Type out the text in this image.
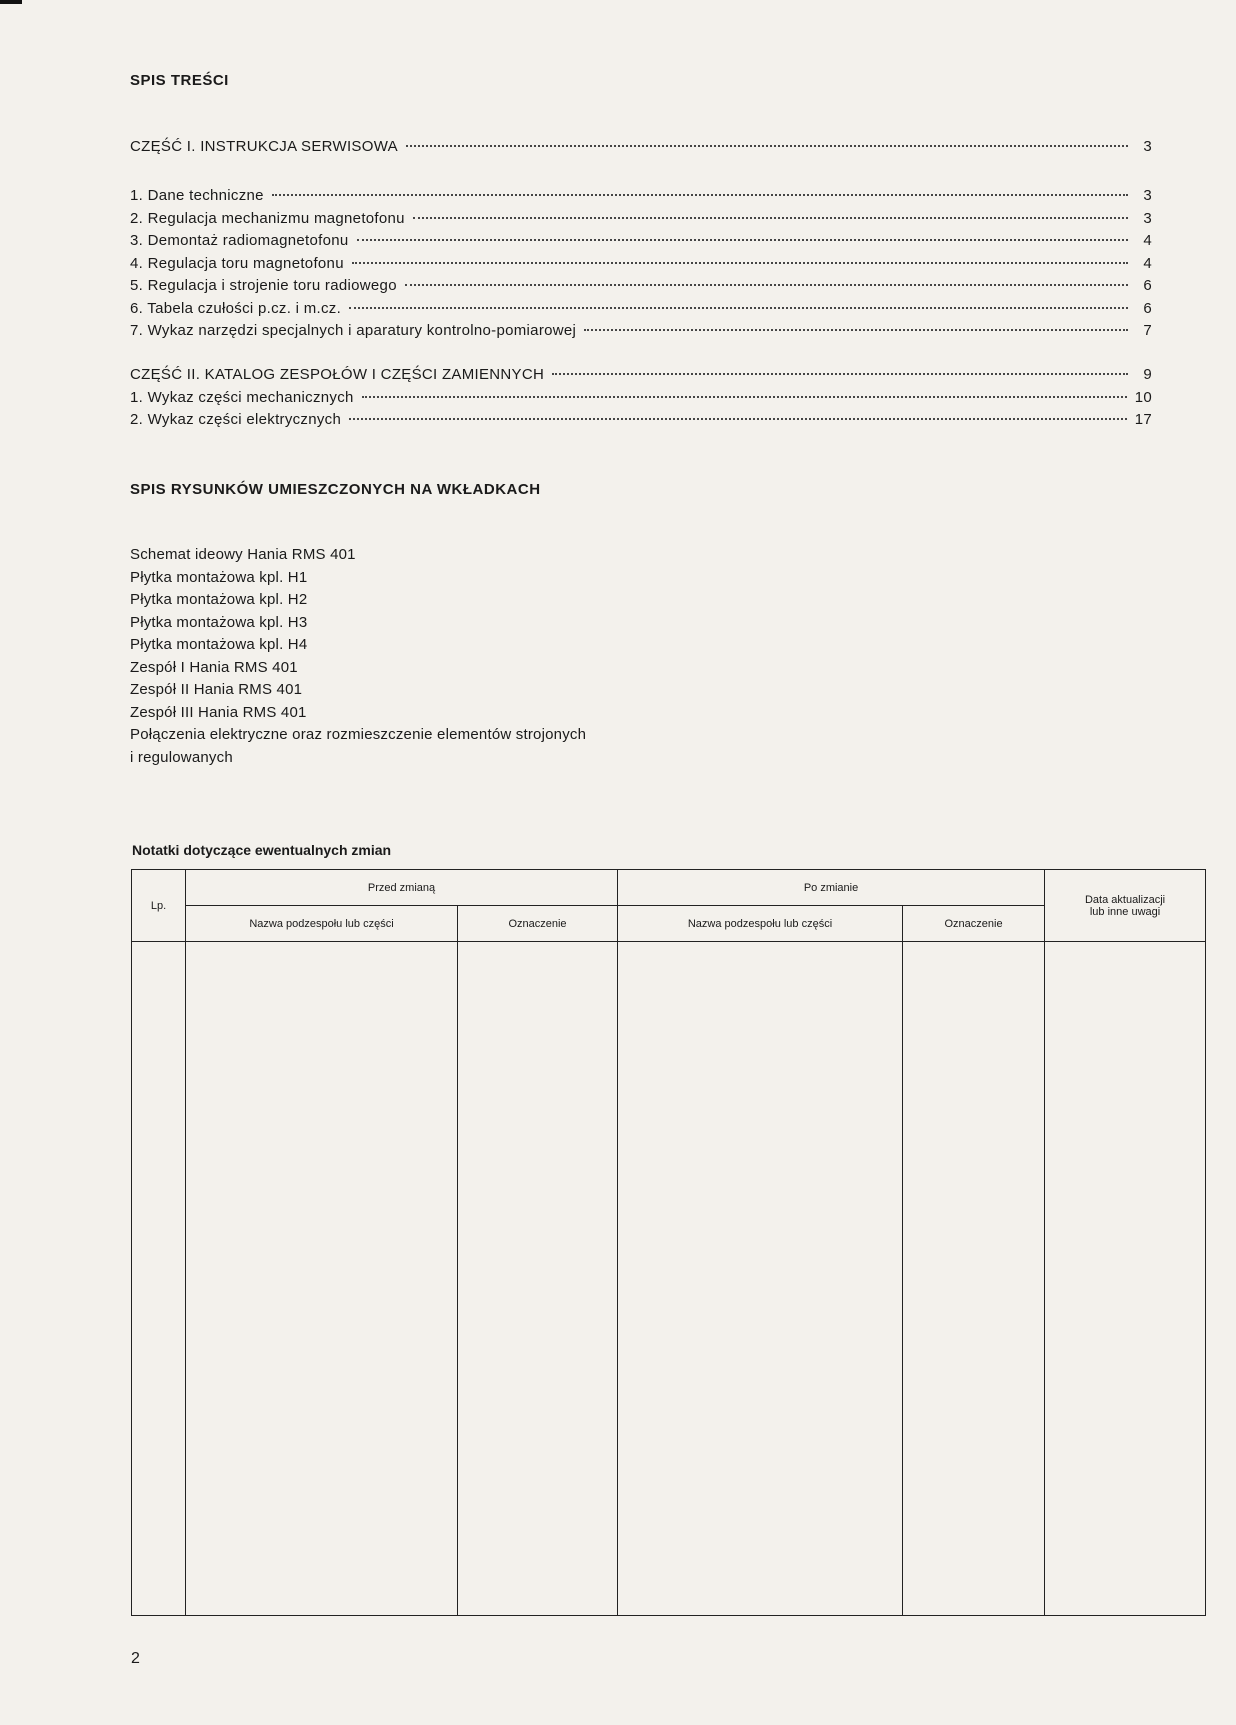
SPIS TREŚCI
CZĘŚĆ I. INSTRUKCJA SERWISOWA	3
1. Dane techniczne	3
2. Regulacja mechanizmu magnetofonu	3
3. Demontaż radiomagnetofonu	4
4. Regulacja toru magnetofonu	4
5. Regulacja i strojenie toru radiowego	6
6. Tabela czułości p.cz. i m.cz.	6
7. Wykaz narzędzi specjalnych i aparatury kontrolno-pomiarowej	7
CZĘŚĆ II. KATALOG ZESPOŁÓW I CZĘŚCI ZAMIENNYCH	9
1. Wykaz części mechanicznych	10
2. Wykaz części elektrycznych	17
SPIS RYSUNKÓW UMIESZCZONYCH NA WKŁADKACH
Schemat ideowy Hania RMS 401
Płytka montażowa kpl. H1
Płytka montażowa kpl. H2
Płytka montażowa kpl. H3
Płytka montażowa kpl. H4
Zespół I Hania RMS 401
Zespół II Hania RMS 401
Zespół III Hania RMS 401
Połączenia elektryczne oraz rozmieszczenie elementów strojonych
i regulowanych
Notatki dotyczące ewentualnych zmian
Lp.	Przed zmianą		Po zmianie		Data aktualizacji
lub inne uwagi

	Nazwa podzespołu lub części	Oznaczenie	Nazwa podzespołu lub części	Oznaczenie	

2
